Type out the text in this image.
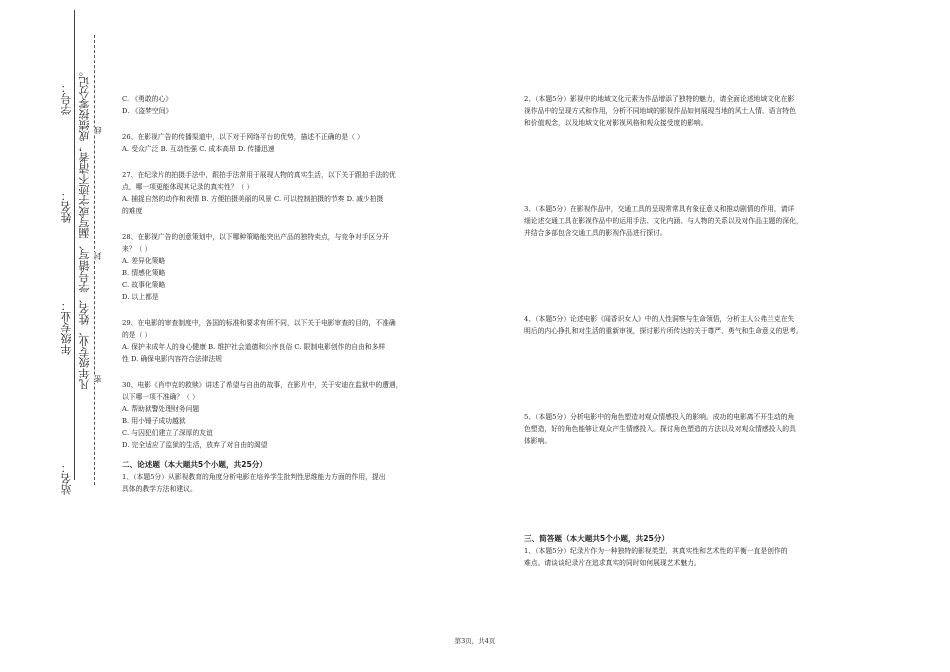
学号：
姓名：
年级专业：
站名：
凡年级专业、姓名、学号错写、漏写或字迹不清者，成绩按零分记。 密
封
线

C. 《勇敢的心》

D. 《盗梦空间》

26、在影视广告的传播渠道中，以下对于网络平台的优势，描述不正确的是（ ）

A. 受众广泛 B. 互动性强 C. 成本高昂 D. 传播迅速

27、在纪录片的拍摄手法中，跟拍手法常用于展现人物的真实生活，以下关于跟拍手法的优

点，哪一项更能体现其记录的真实性？（ ）

A. 捕捉自然的动作和表情 B. 方便拍摄美丽的风景 C. 可以控制拍摄的节奏 D. 减少拍摄

的难度

28、在影视广告的创意策划中，以下哪种策略能突出产品的独特卖点，与竞争对手区分开

来？（ ）

A. 差异化策略

B. 情感化策略

C. 故事化策略

D. 以上都是

29、在电影的审查制度中，各国的标准和要求有所不同，以下关于电影审查的目的，不准确

的是（ ）

A. 保护未成年人的身心健康 B. 维护社会道德和公序良俗 C. 限制电影创作的自由和多样

性 D. 确保电影内容符合法律法规

30、电影《肖申克的救赎》讲述了希望与自由的故事，在影片中，关于安迪在监狱中的遭遇，

以下哪一项不准确？（ ）

A. 帮助狱警处理财务问题

B. 用小锤子成功越狱

C. 与囚犯们建立了深厚的友谊

D. 完全适应了监狱的生活，放弃了对自由的渴望

二、论述题（本大题共5个小题，共25分）

1、（本题5分）从影视教育的角度分析电影在培养学生批判性思维能力方面的作用，提出

具体的教学方法和建议。

2、（本题5分）影视中的地域文化元素为作品增添了独特的魅力，请全面论述地域文化在影

视作品中的呈现方式和作用，分析不同地域的影视作品如何展现当地的风土人情、语言特色

和价值观念，以及地域文化对影视风格和观众接受度的影响。

3、（本题5分）在影视作品中，交通工具的呈现常常具有象征意义和推动剧情的作用，请详

细论述交通工具在影视作品中的运用手法、文化内涵、与人物的关系以及对作品主题的深化，

并结合多部包含交通工具的影视作品进行探讨。

4、（本题5分）论述电影《闻香识女人》中的人性洞察与生命领悟，分析主人公弗兰克在失

明后的内心挣扎和对生活的重新审视，探讨影片所传达的关于尊严、勇气和生命意义的思考。

5、（本题5分）分析电影中的角色塑造对观众情感投入的影响。成功的电影离不开生动的角

色塑造，好的角色能够让观众产生情感投入。探讨角色塑造的方法以及对观众情感投入的具

体影响。

三、简答题（本大题共5个小题，共25分）

1、（本题5分）纪录片作为一种独特的影视类型，其真实性和艺术性的平衡一直是创作的

难点。请谈谈纪录片在追求真实的同时如何展现艺术魅力。

第3页，共4页
